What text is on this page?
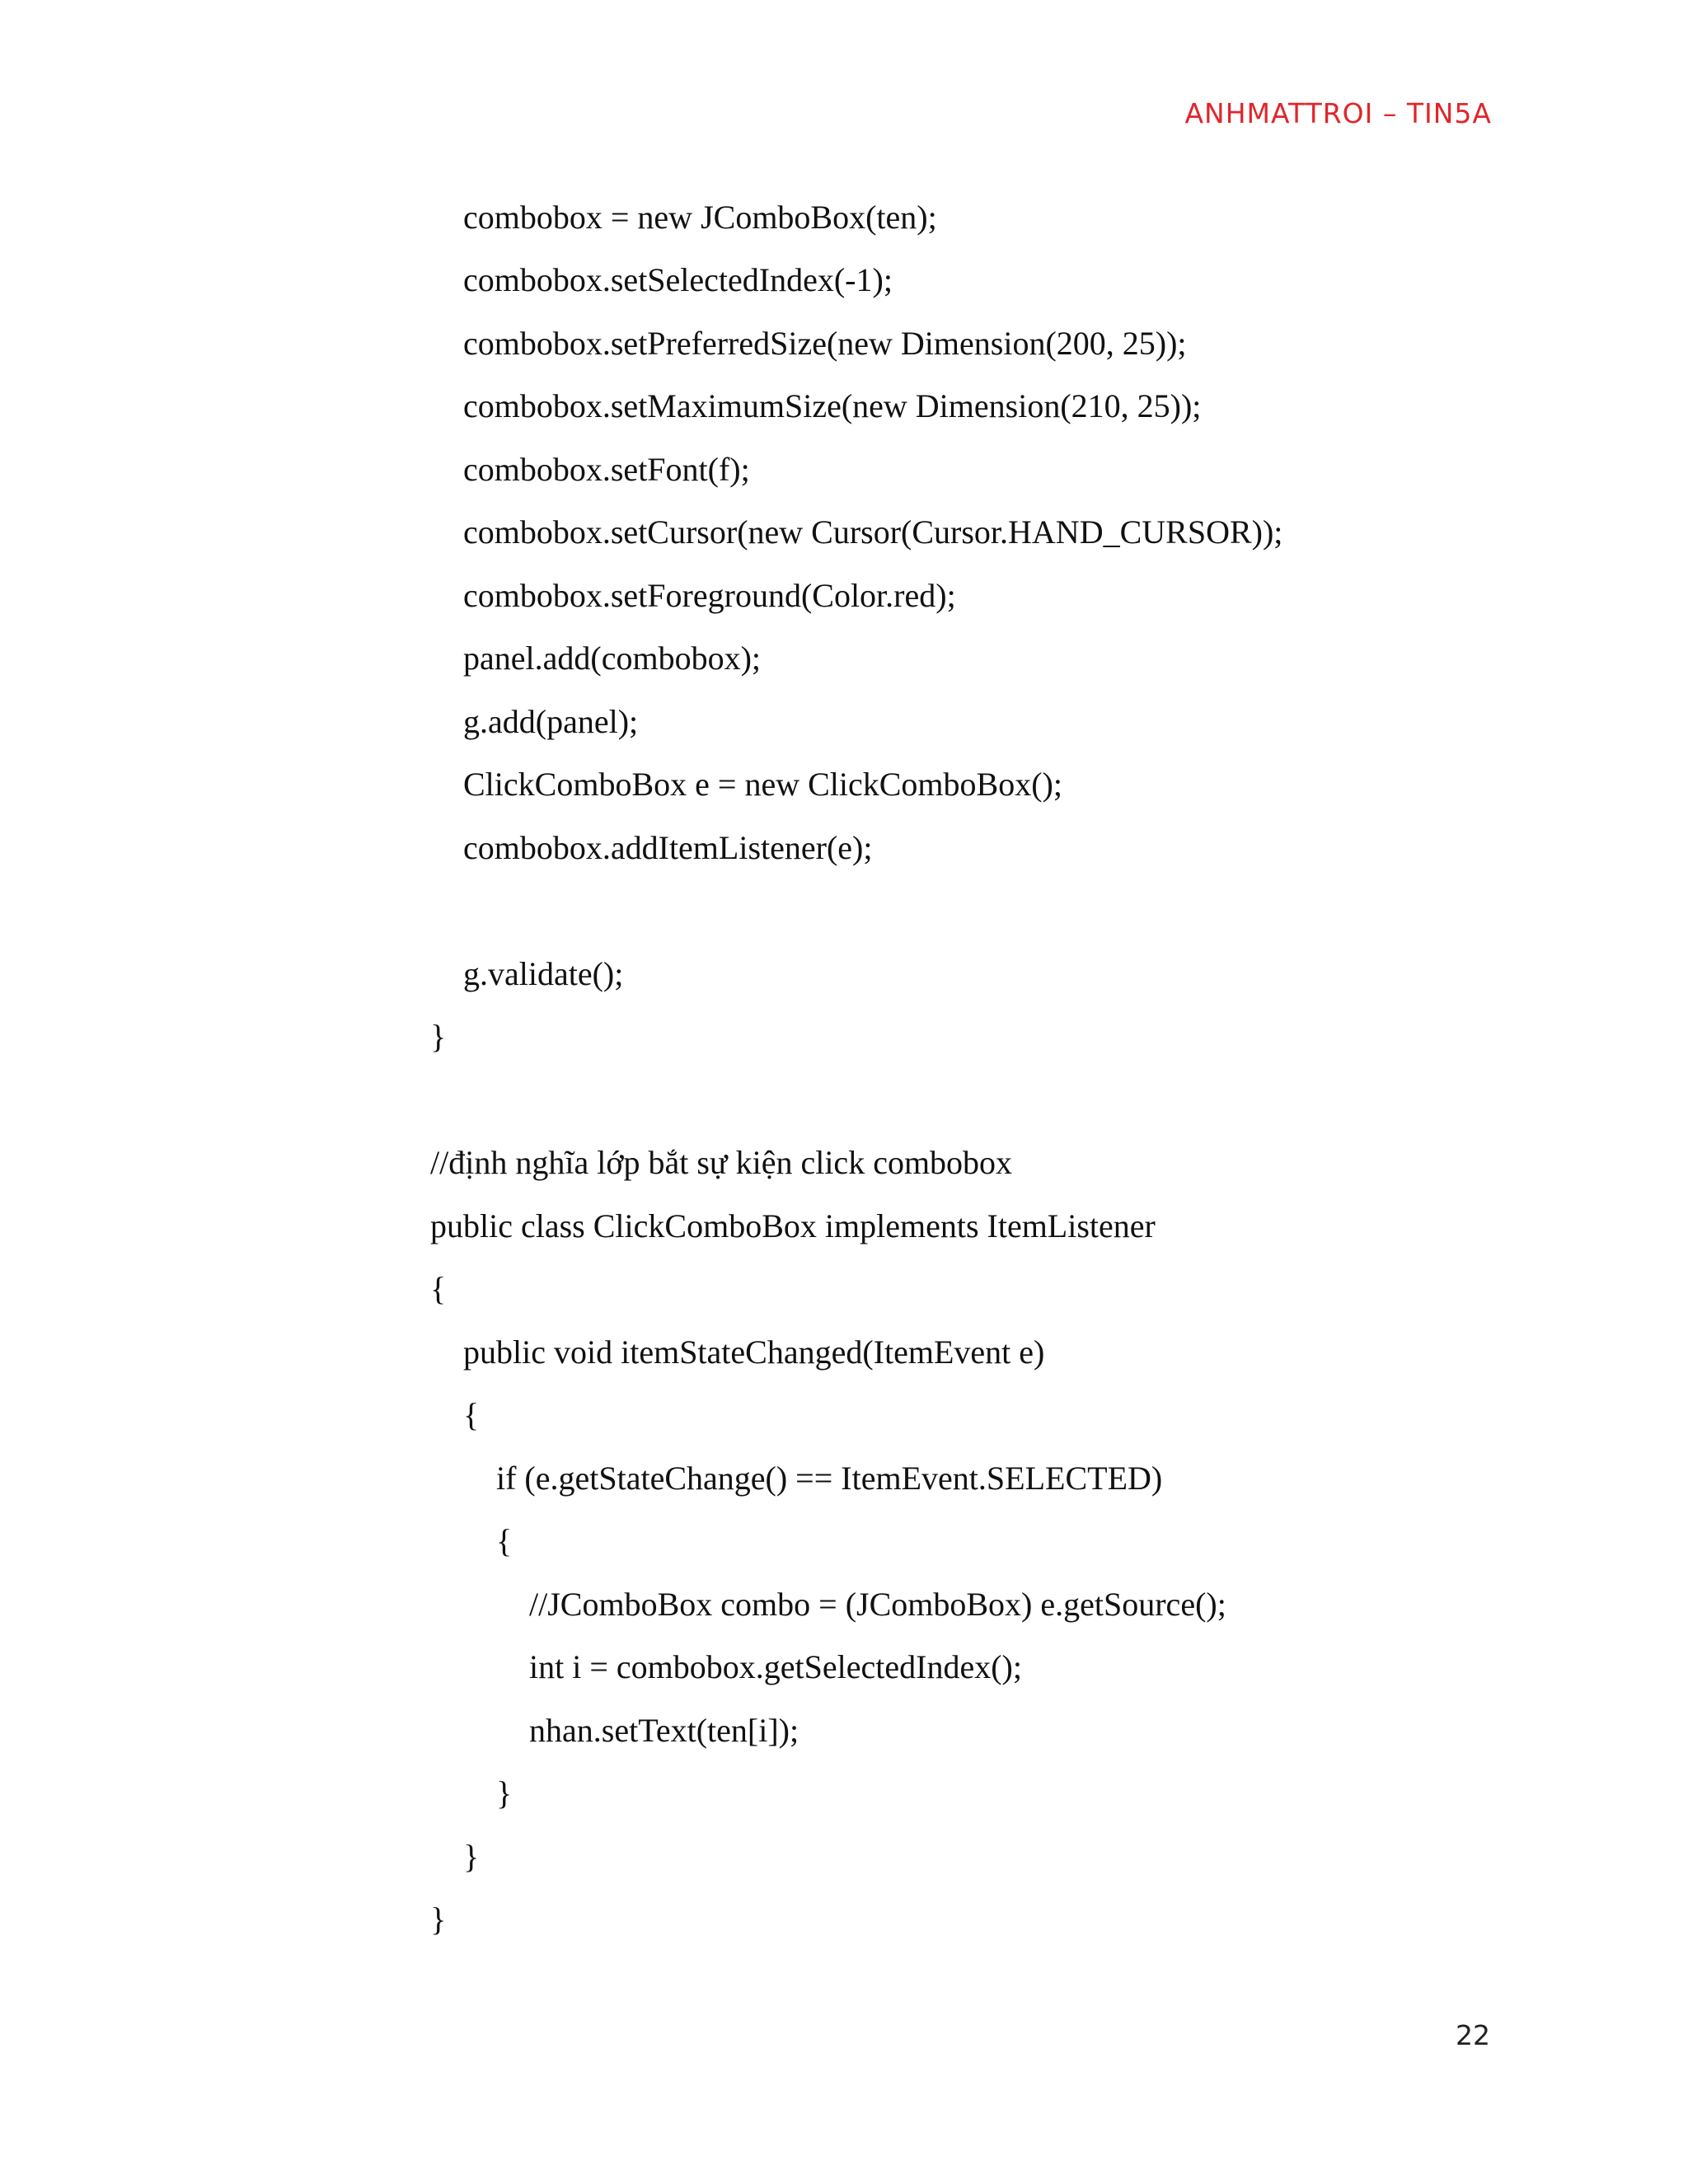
ANHMATTROI – TIN5A
combobox = new JComboBox(ten);
combobox.setSelectedIndex(-1);
combobox.setPreferredSize(new Dimension(200, 25));
combobox.setMaximumSize(new Dimension(210, 25));
combobox.setFont(f);
combobox.setCursor(new Cursor(Cursor.HAND_CURSOR));
combobox.setForeground(Color.red);
panel.add(combobox);
g.add(panel);
ClickComboBox e = new ClickComboBox();
combobox.addItemListener(e);
g.validate();
}
//định nghĩa lớp bắt sự kiện click combobox
public class ClickComboBox implements ItemListener
{
public void itemStateChanged(ItemEvent e)
{
if (e.getStateChange() == ItemEvent.SELECTED)
{
//JComboBox combo = (JComboBox) e.getSource();
int i = combobox.getSelectedIndex();
nhan.setText(ten[i]);
}
}
}
22
